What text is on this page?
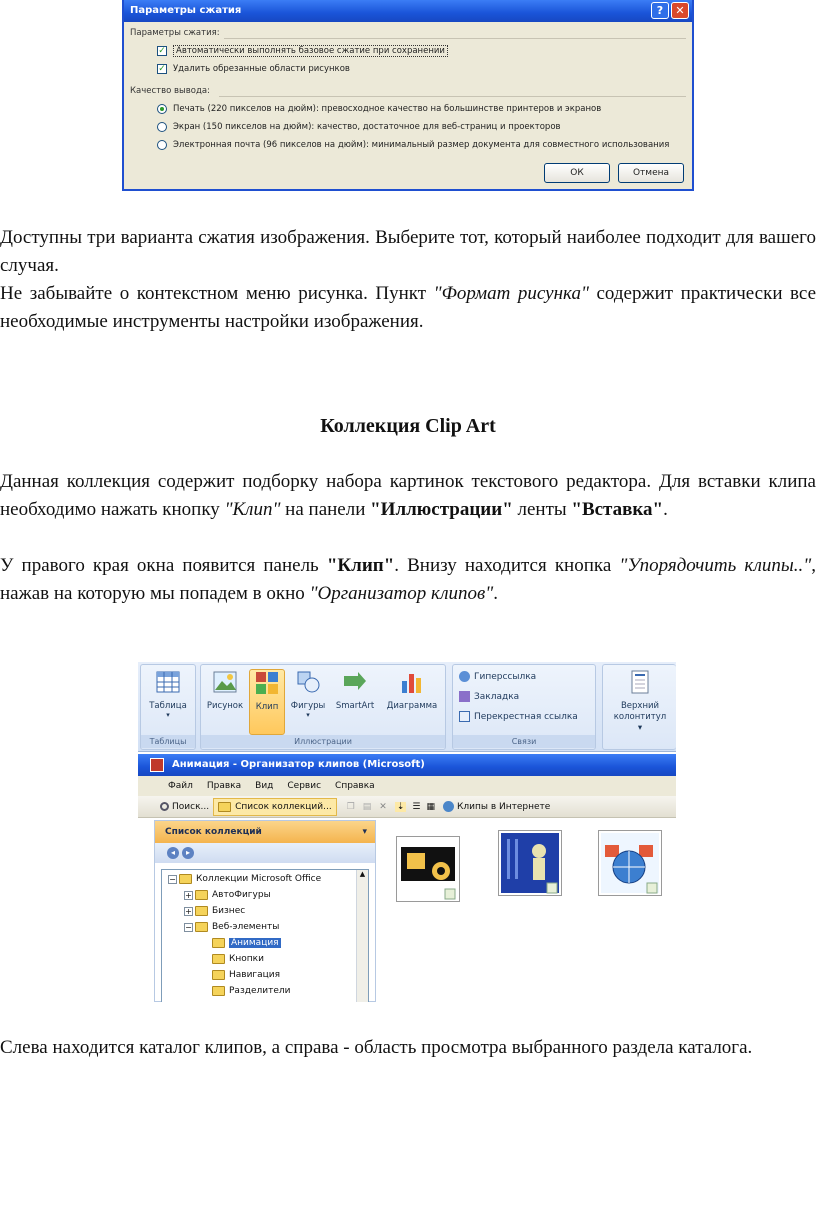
Параметры сжатия	?	✕
Параметры сжатия:
✓	Автоматически выполнять базовое сжатие при сохранении
✓ Удалить обрезанные области рисунков
Качество вывода:
Печать (220 пикселов на дюйм): превосходное качество на большинстве принтеров и экранов
Экран (150 пикселов на дюйм): качество, достаточное для веб-страниц и проекторов
Электронная почта (96 пикселов на дюйм): минимальный размер документа для совместного использования
ОК	Отмена

Доступны три варианта сжатия изображения. Выберите тот, который наиболее подходит для вашего случая.

Не забывайте о контекстном меню рисунка. Пункт "Формат рисунка" содержит практически все необходимые инструменты настройки изображения.

Коллекция Clip Art

Данная коллекция содержит подборку набора картинок текстового редактора. Для вставки клипа необходимо нажать кнопку "Клип" на панели "Иллюстрации" ленты "Вставка".

У правого края окна появится панель "Клип". Внизу находится кнопка "Упорядочить клипы..", нажав на которую мы попадем в окно "Организатор клипов".

Таблица
▾
Таблицы
Рисунок	Клип	Фигуры
▾
SmartArt	Диаграмма
Иллюстрации
Гиперссылка
Закладка
Перекрестная ссылка
Связи
Верхний колонтитул ▾
Анимация - Организатор клипов (Microsoft)
Файл Правка Вид Сервис Справка
Поиск...	Список коллекций... ❐ ▤ ✕ ⇣ ☰ ▦ Клипы в Интернете
Список коллекций	▾
◂	▸
− Коллекции Microsoft Office
+ АвтоФигуры
+ Бизнес
− Веб-элементы
Анимация
Кнопки
Навигация
Разделители
▲

Слева находится каталог клипов, а справа - область просмотра выбранного раздела каталога.
